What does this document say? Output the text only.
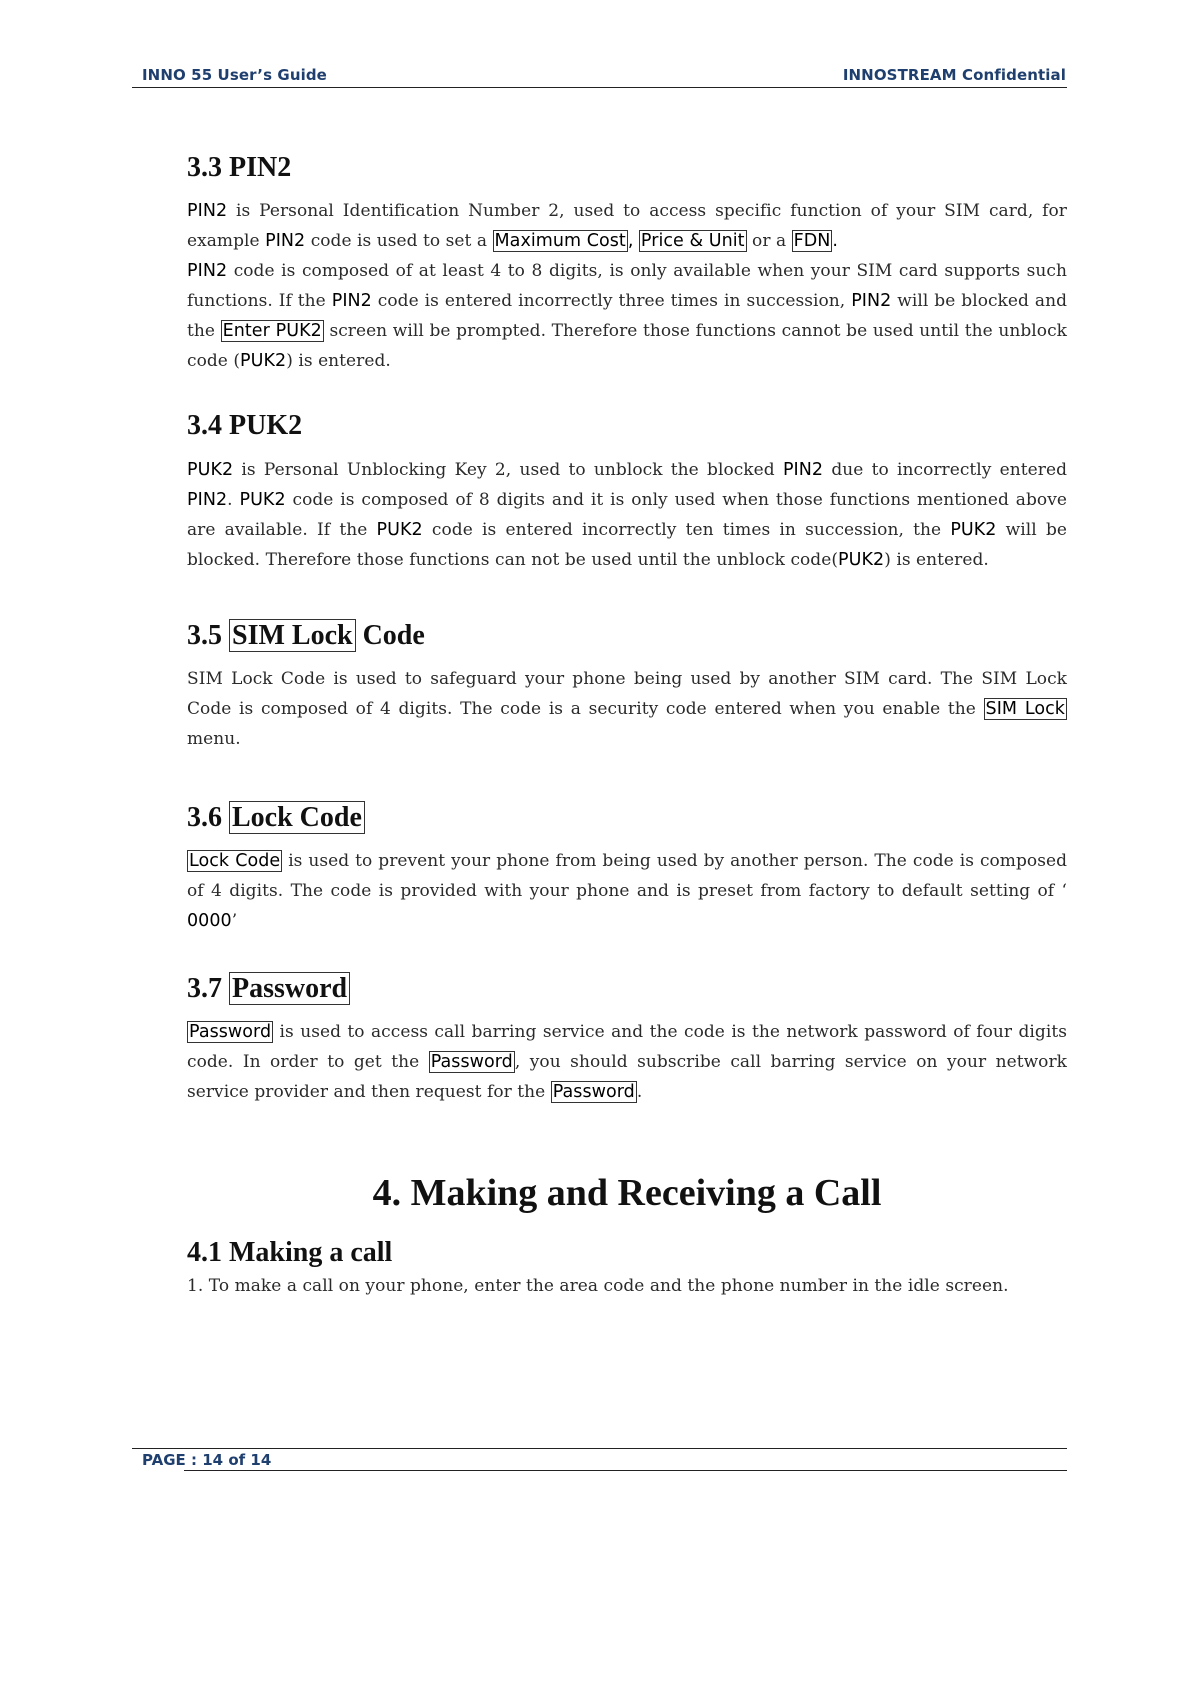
INNO 55 User’s Guide	INNOSTREAM Confidential
3.3 PIN2

PIN2 is Personal Identification Number 2, used to access specific function of your SIM card, for example PIN2 code is used to set a Maximum Cost , Price & Unit or a FDN .

PIN2 code is composed of at least 4 to 8 digits, is only available when your SIM card supports such functions. If the PIN2 code is entered incorrectly three times in succession, PIN2 will be blocked and the Enter PUK2 screen will be prompted. Therefore those functions cannot be used until the unblock code (PUK2) is entered.

3.4 PUK2

PUK2 is Personal Unblocking Key 2, used to unblock the blocked PIN2 due to incorrectly entered PIN2. PUK2 code is composed of 8 digits and it is only used when those functions mentioned above are available. If the PUK2 code is entered incorrectly ten times in succession, the PUK2 will be blocked. Therefore those functions can not be used until the unblock code(PUK2) is entered.

3.5 SIM Lock Code

SIM Lock Code is used to safeguard your phone being used by another SIM card. The SIM Lock Code is composed of 4 digits. The code is a security code entered when you enable the SIM Lock menu.

3.6 Lock Code

Lock Code is used to prevent your phone from being used by another person. The code is composed of 4 digits. The code is provided with your phone and is preset from factory to default setting of ‘ 0000’

3.7 Password

Password is used to access call barring service and the code is the network password of four digits code. In order to get the Password , you should subscribe call barring service on your network service provider and then request for the Password .

4. Making and Receiving a Call
4.1 Making a call

1. To make a call on your phone, enter the area code and the phone number in the idle screen.

PAGE : 14 of 14
